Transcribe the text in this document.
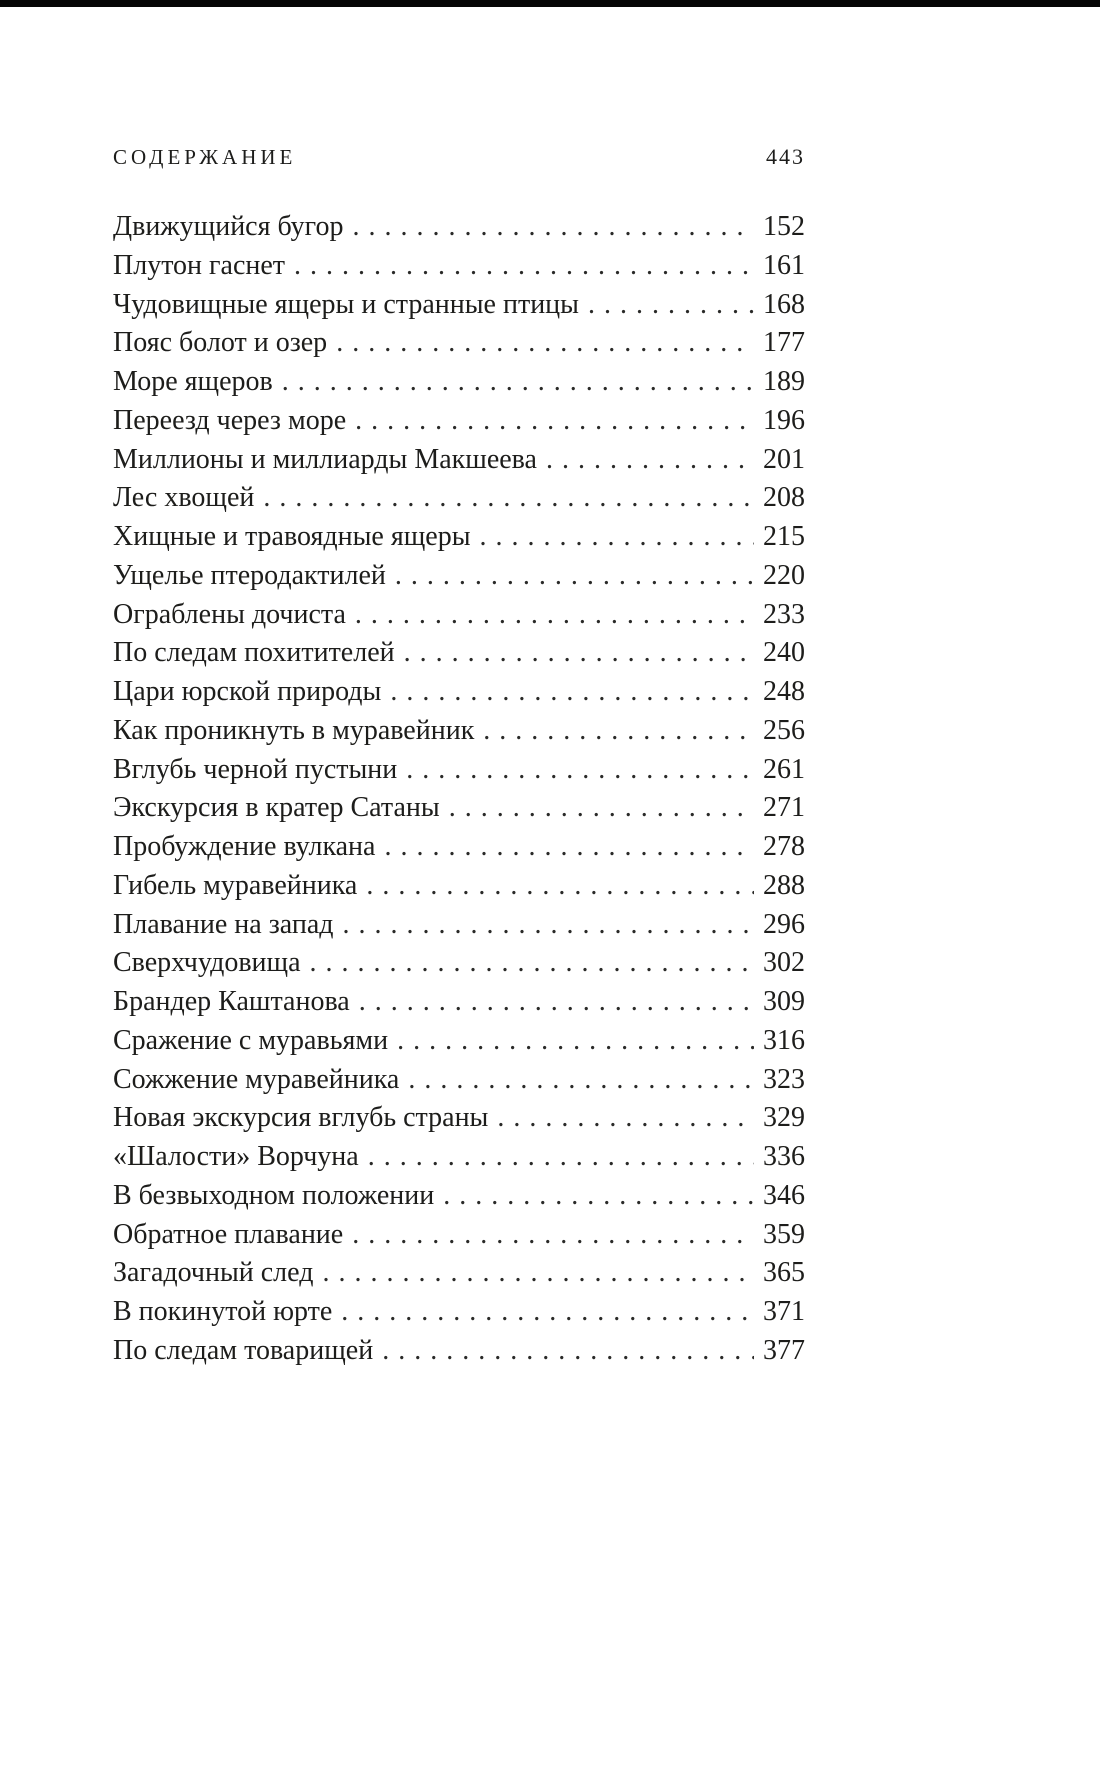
СОДЕРЖАНИЕ	443
Движущийся бугор . . .	152
Плутон гаснет . . .	161
Чудовищные ящеры и странные птицы . . .	168
Пояс болот и озер . . .	177
Море ящеров . . .	189
Переезд через море . . .	196
Миллионы и миллиарды Макшеева . . .	201
Лес хвощей . . .	208
Хищные и травоядные ящеры . . .	215
Ущелье птеродактилей . . .	220
Ограблены дочиста . . .	233
По следам похитителей . . .	240
Цари юрской природы . . .	248
Как проникнуть в муравейник . . .	256
Вглубь черной пустыни . . .	261
Экскурсия в кратер Сатаны . . .	271
Пробуждение вулкана . . .	278
Гибель муравейника . . .	288
Плавание на запад . . .	296
Сверхчудовища . . .	302
Брандер Каштанова . . .	309
Сражение с муравьями . . .	316
Сожжение муравейника . . .	323
Новая экскурсия вглубь страны . . .	329
«Шалости» Ворчуна . . .	336
В безвыходном положении . . .	346
Обратное плавание . . .	359
Загадочный след . . .	365
В покинутой юрте . . .	371
По следам товарищей . . .	377
